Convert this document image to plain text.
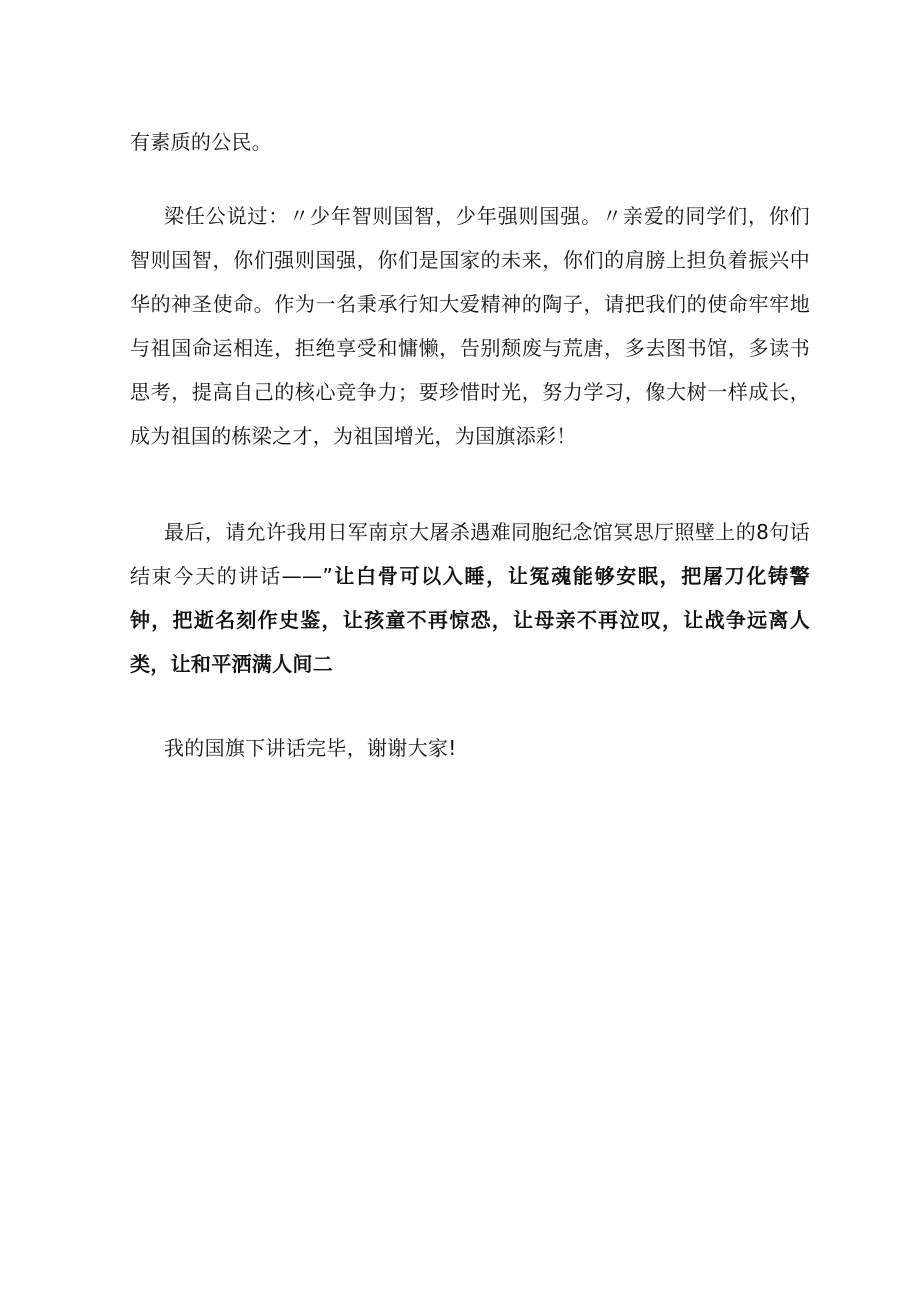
有素质的公民。

梁任公说过：〃少年智则国智，少年强则国强。〃亲爱的同学们，你们智则国智，你们强则国强，你们是国家的未来，你们的肩膀上担负着振兴中华的神圣使命。作为一名秉承行知大爱精神的陶子，请把我们的使命牢牢地与祖国命运相连，拒绝享受和慵懒，告别颓废与荒唐，多去图书馆，多读书思考，提高自己的核心竞争力；要珍惜时光，努力学习，像大树一样成长，成为祖国的栋梁之才，为祖国增光，为国旗添彩！

最后，请允许我用日军南京大屠杀遇难同胞纪念馆冥思厅照壁上的8句话结束今天的讲话——”让白骨可以入睡，让冤魂能够安眠，把屠刀化铸警钟，把逝名刻作史鉴，让孩童不再惊恐，让母亲不再泣叹，让战争远离人类，让和平洒满人间二

我的国旗下讲话完毕，谢谢大家!
